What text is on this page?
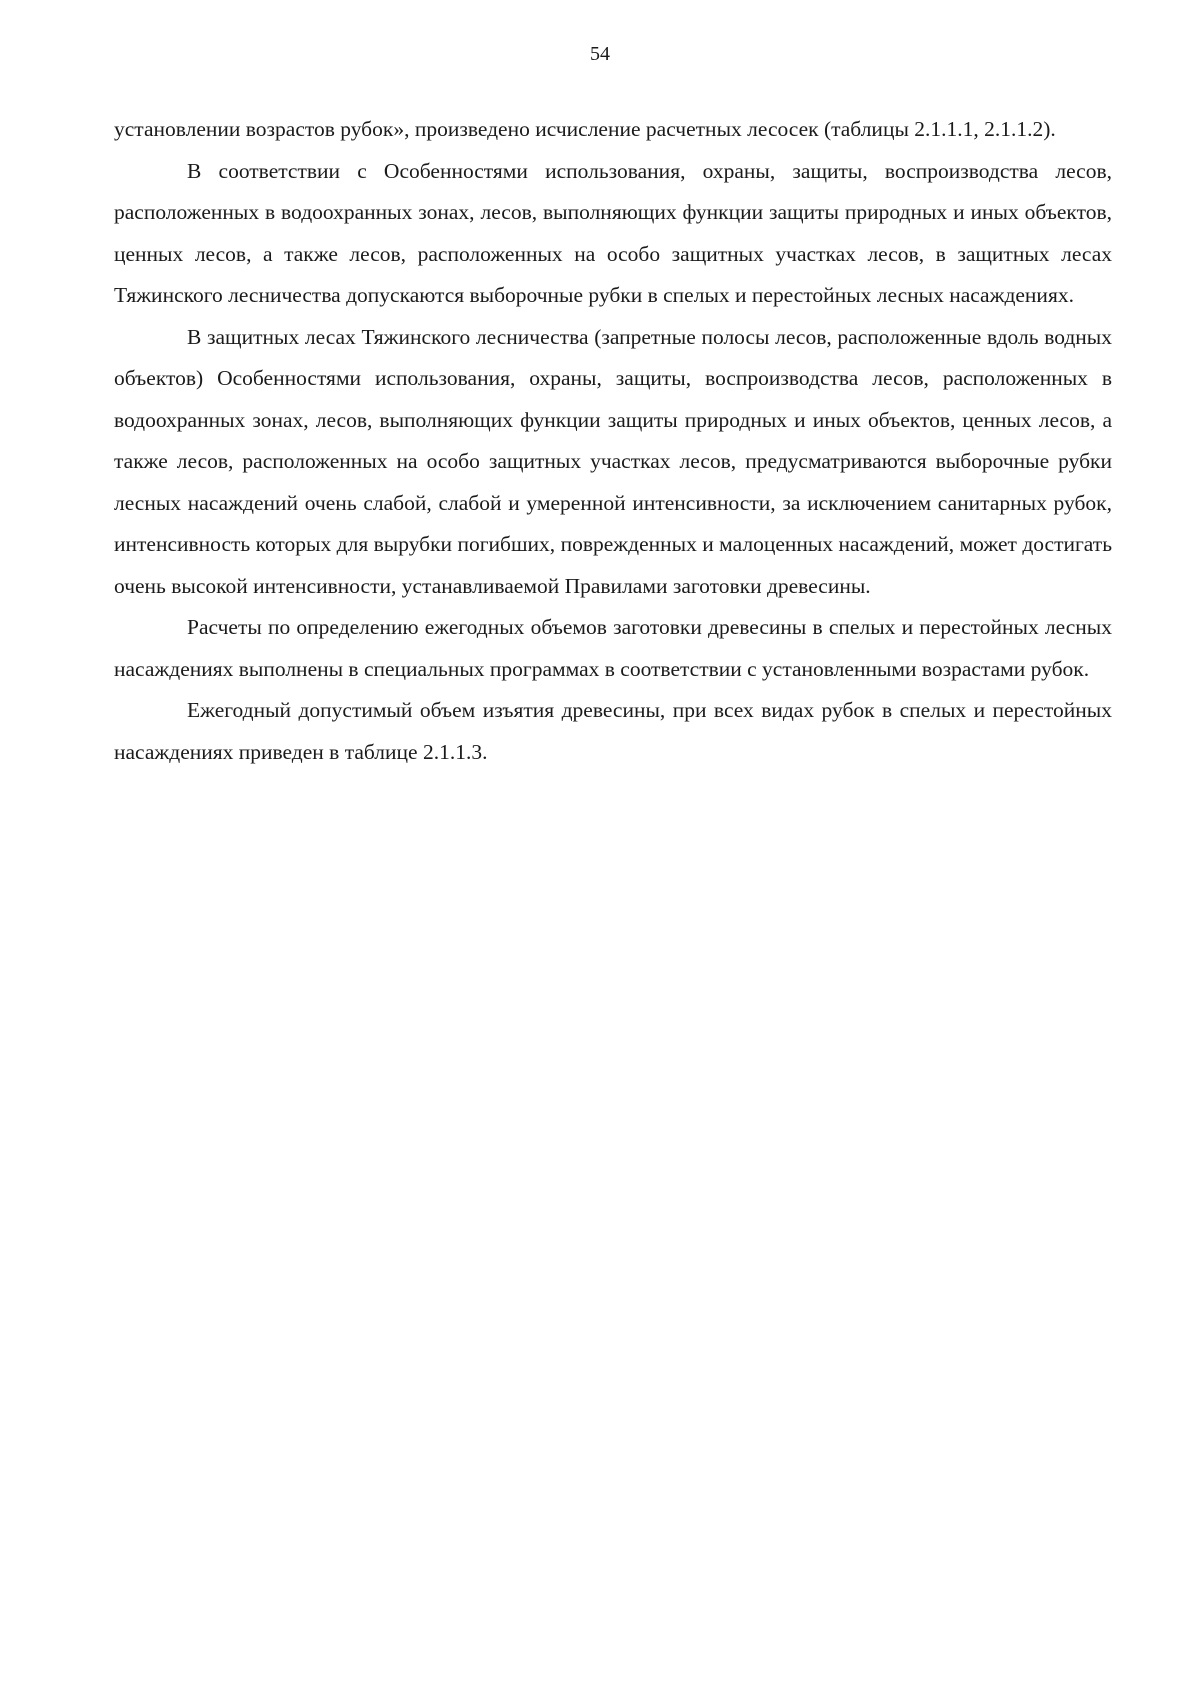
54

установлении возрастов рубок», произведено исчисление расчетных лесосек (таблицы 2.1.1.1, 2.1.1.2).

В соответствии с Особенностями использования, охраны, защиты, воспроизводства лесов, расположенных в водоохранных зонах, лесов, выполняющих функции защиты природных и иных объектов, ценных лесов, а также лесов, расположенных на особо защитных участках лесов, в защитных лесах Тяжинского лесничества допускаются выборочные рубки в спелых и перестойных лесных насаждениях.

В защитных лесах Тяжинского лесничества (запретные полосы лесов, расположенные вдоль водных объектов) Особенностями использования, охраны, защиты, воспроизводства лесов, расположенных в водоохранных зонах, лесов, выполняющих функции защиты природных и иных объектов, ценных лесов, а также лесов, расположенных на особо защитных участках лесов, предусматриваются выборочные рубки лесных насаждений очень слабой, слабой и умеренной интенсивности, за исключением санитарных рубок, интенсивность которых для вырубки погибших, поврежденных и малоценных насаждений, может достигать очень высокой интенсивности, устанавливаемой Правилами заготовки древесины.

Расчеты по определению ежегодных объемов заготовки древесины в спелых и перестойных лесных насаждениях выполнены в специальных программах в соответствии с установленными возрастами рубок.

Ежегодный допустимый объем изъятия древесины, при всех видах рубок в спелых и перестойных насаждениях приведен в таблице 2.1.1.3.
